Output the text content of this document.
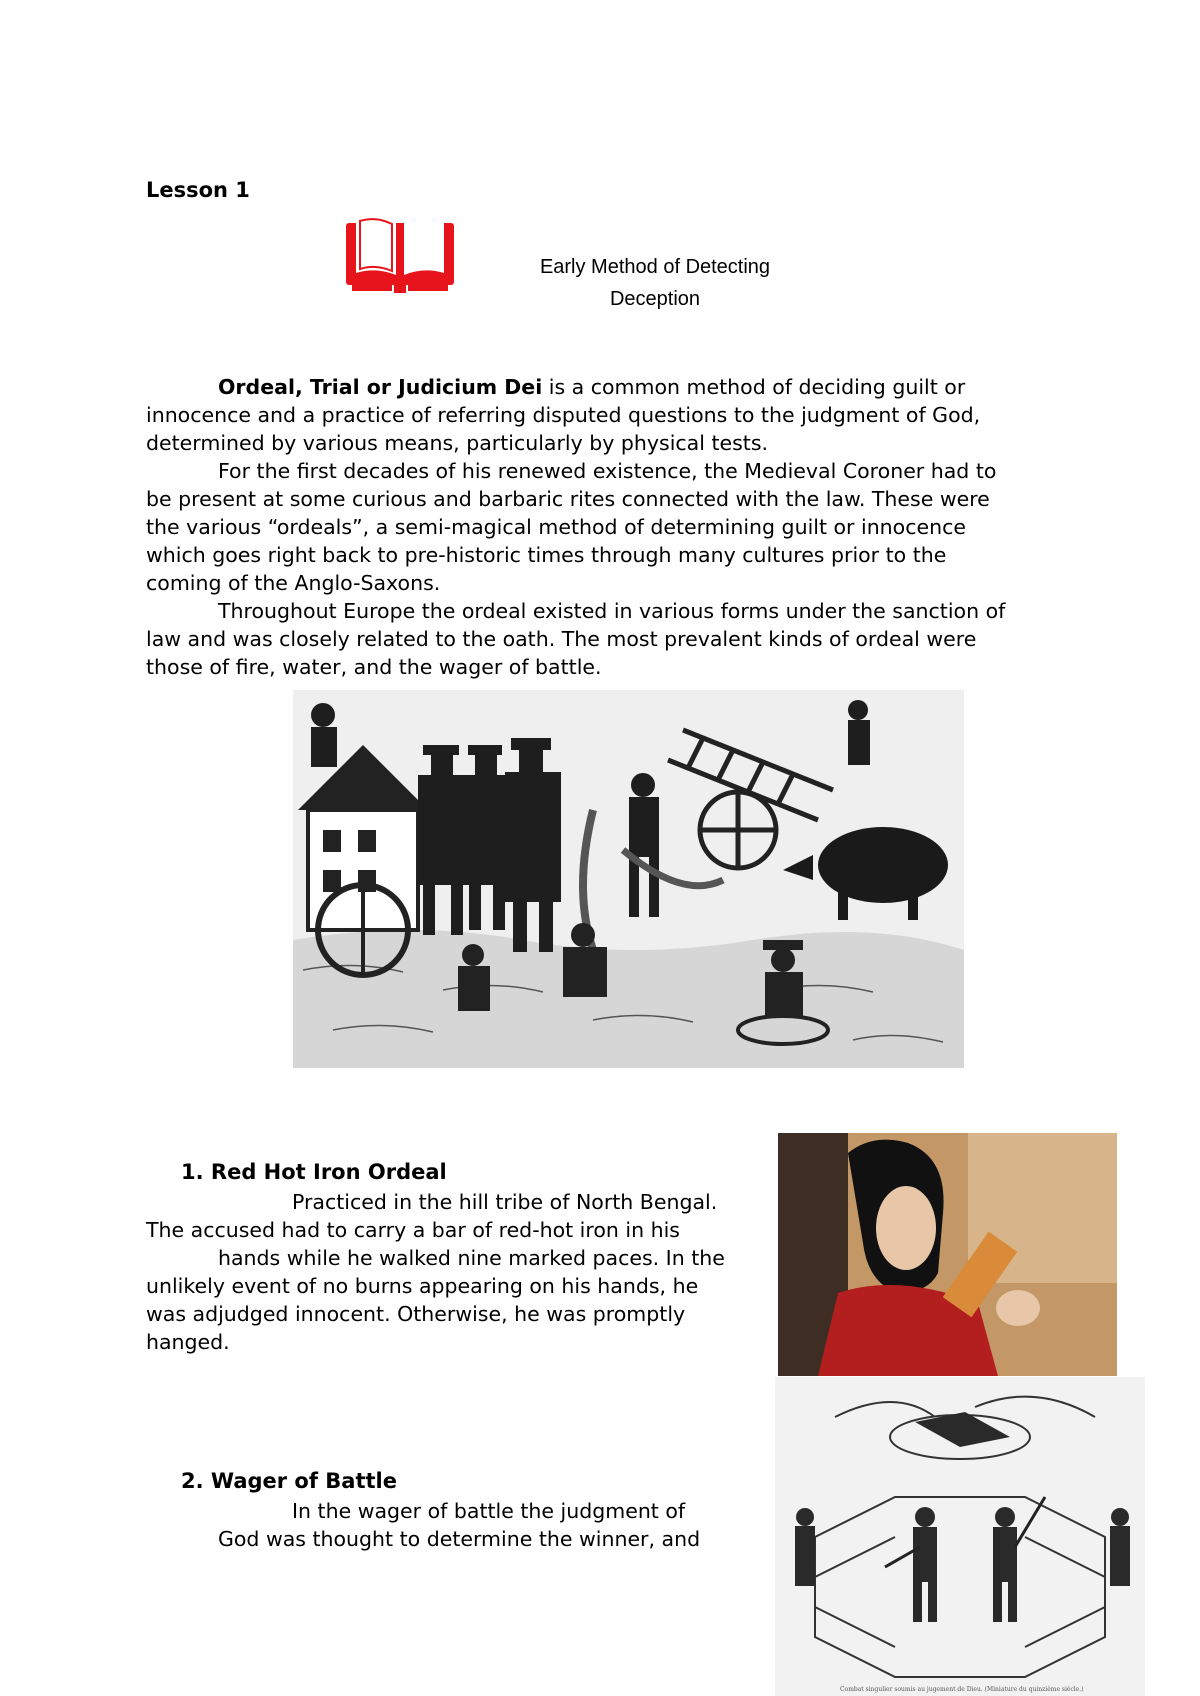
Lesson 1
Early Method of Detecting
Deception
Ordeal, Trial or Judicium Dei is a common method of deciding guilt or
innocence and a practice of referring disputed questions to the judgment of God,
determined by various means, particularly by physical tests.
For the first decades of his renewed existence, the Medieval Coroner had to
be present at some curious and barbaric rites connected with the law. These were
the various “ordeals”, a semi-magical method of determining guilt or innocence
which goes right back to pre-historic times through many cultures prior to the
coming of the Anglo-Saxons.
Throughout Europe the ordeal existed in various forms under the sanction of
law and was closely related to the oath. The most prevalent kinds of ordeal were
those of fire, water, and the wager of battle.
1. Red Hot Iron Ordeal
Practiced in the hill tribe of North Bengal.
The accused had to carry a bar of red-hot iron in his
hands while he walked nine marked paces. In the
unlikely event of no burns appearing on his hands, he
was adjudged innocent. Otherwise, he was promptly
hanged.
2. Wager of Battle
In the wager of battle the judgment of
God was thought to determine the winner, and
Combat singulier soumis au jugement de Dieu. (Miniature du quinzième siècle.)
